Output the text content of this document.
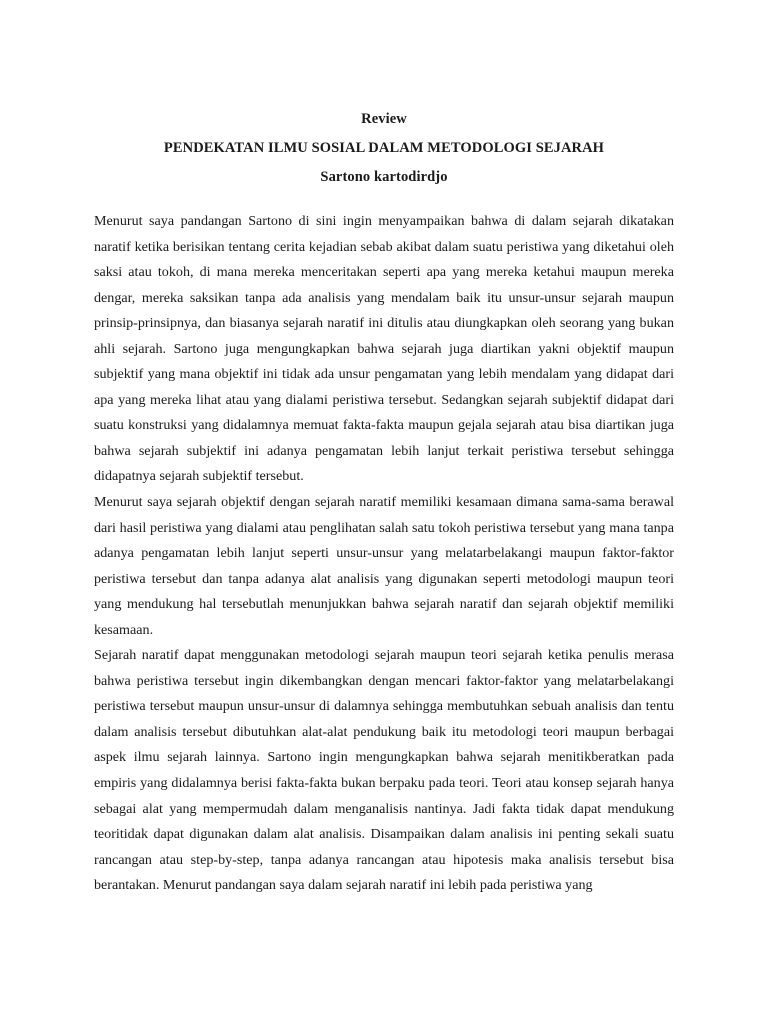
Review
PENDEKATAN ILMU SOSIAL DALAM METODOLOGI SEJARAH
Sartono kartodirdjo

Menurut saya pandangan Sartono di sini ingin menyampaikan bahwa di dalam sejarah dikatakan naratif ketika berisikan tentang cerita kejadian sebab akibat dalam suatu peristiwa yang diketahui oleh saksi atau tokoh, di mana mereka menceritakan seperti apa yang mereka ketahui maupun mereka dengar, mereka saksikan tanpa ada analisis yang mendalam baik itu unsur-unsur sejarah maupun prinsip-prinsipnya, dan biasanya sejarah naratif ini ditulis atau diungkapkan oleh seorang yang bukan ahli sejarah. Sartono juga mengungkapkan bahwa sejarah juga diartikan yakni objektif maupun subjektif yang mana objektif ini tidak ada unsur pengamatan yang lebih mendalam yang didapat dari apa yang mereka lihat atau yang dialami peristiwa tersebut. Sedangkan sejarah subjektif didapat dari suatu konstruksi yang didalamnya memuat fakta-fakta maupun gejala sejarah atau bisa diartikan juga bahwa sejarah subjektif ini adanya pengamatan lebih lanjut terkait peristiwa tersebut sehingga didapatnya sejarah subjektif tersebut.

Menurut saya sejarah objektif dengan sejarah naratif memiliki kesamaan dimana sama-sama berawal dari hasil peristiwa yang dialami atau penglihatan salah satu tokoh peristiwa tersebut yang mana tanpa adanya pengamatan lebih lanjut seperti unsur-unsur yang melatarbelakangi maupun faktor-faktor peristiwa tersebut dan tanpa adanya alat analisis yang digunakan seperti metodologi maupun teori yang mendukung hal tersebutlah menunjukkan bahwa sejarah naratif dan sejarah objektif memiliki kesamaan.

Sejarah naratif dapat menggunakan metodologi sejarah maupun teori sejarah ketika penulis merasa bahwa peristiwa tersebut ingin dikembangkan dengan mencari faktor-faktor yang melatarbelakangi peristiwa tersebut maupun unsur-unsur di dalamnya sehingga membutuhkan sebuah analisis dan tentu dalam analisis tersebut dibutuhkan alat-alat pendukung baik itu metodologi teori maupun berbagai aspek ilmu sejarah lainnya. Sartono ingin mengungkapkan bahwa sejarah menitikberatkan pada empiris yang didalamnya berisi fakta-fakta bukan berpaku pada teori. Teori atau konsep sejarah hanya sebagai alat yang mempermudah dalam menganalisis nantinya. Jadi fakta tidak dapat mendukung teoritidak dapat digunakan dalam alat analisis. Disampaikan dalam analisis ini penting sekali suatu rancangan atau step-by-step, tanpa adanya rancangan atau hipotesis maka analisis tersebut bisa berantakan. Menurut pandangan saya dalam sejarah naratif ini lebih pada peristiwa yang
